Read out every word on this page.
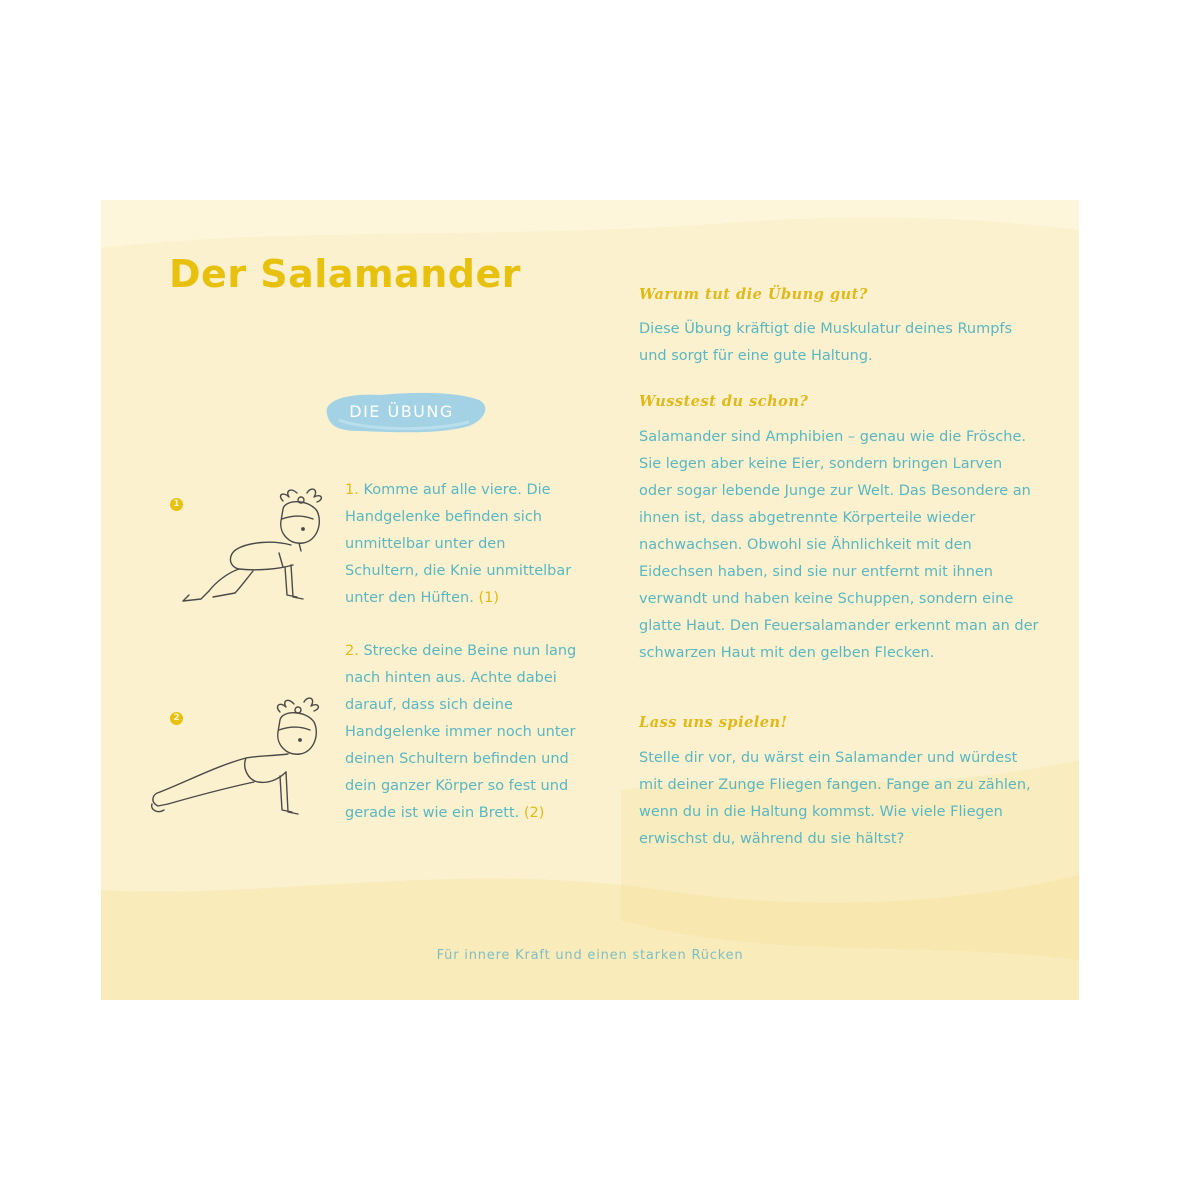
Der Salamander
DIE ÜBUNG
1

1. Komme auf alle viere. Die Handgelenke befinden sich unmittelbar unter den Schultern, die Knie unmittelbar unter den Hüften. (1)

2

2. Strecke deine Beine nun lang nach hinten aus. Achte dabei darauf, dass sich deine Handgelenke immer noch unter deinen Schultern befinden und dein ganzer Körper so fest und gerade ist wie ein Brett. (2)

Warum tut die Übung gut?

Diese Übung kräftigt die Muskulatur deines Rumpfs und sorgt für eine gute Haltung.

Wusstest du schon?

Salamander sind Amphibien – genau wie die Frösche. Sie legen aber keine Eier, sondern bringen Larven oder sogar lebende Junge zur Welt. Das Besondere an ihnen ist, dass abgetrennte Körperteile wieder nachwachsen. Obwohl sie Ähnlichkeit mit den Eidechsen haben, sind sie nur entfernt mit ihnen verwandt und haben keine Schuppen, sondern eine glatte Haut. Den Feuersalamander erkennt man an der schwarzen Haut mit den gelben Flecken.

Lass uns spielen!

Stelle dir vor, du wärst ein Salamander und würdest mit deiner Zunge Fliegen fangen. Fange an zu zählen, wenn du in die Haltung kommst. Wie viele Fliegen erwischst du, während du sie hältst?

Für innere Kraft und einen starken Rücken
